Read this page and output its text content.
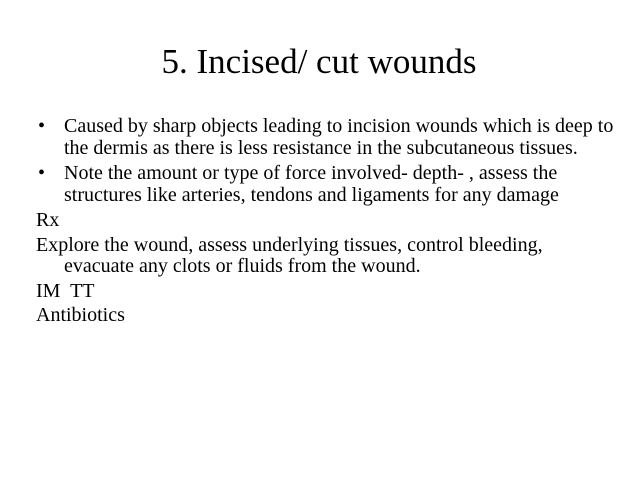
5. Incised/ cut wounds
• Caused by sharp objects leading to incision wounds which is deep to the dermis as there is less resistance in the subcutaneous tissues.
• Note the amount or type of force involved- depth- , assess the structures like arteries, tendons and ligaments for any damage
Rx
Explore the wound, assess underlying tissues, control bleeding, evacuate any clots or fluids from the wound.
IM  TT
Antibiotics
